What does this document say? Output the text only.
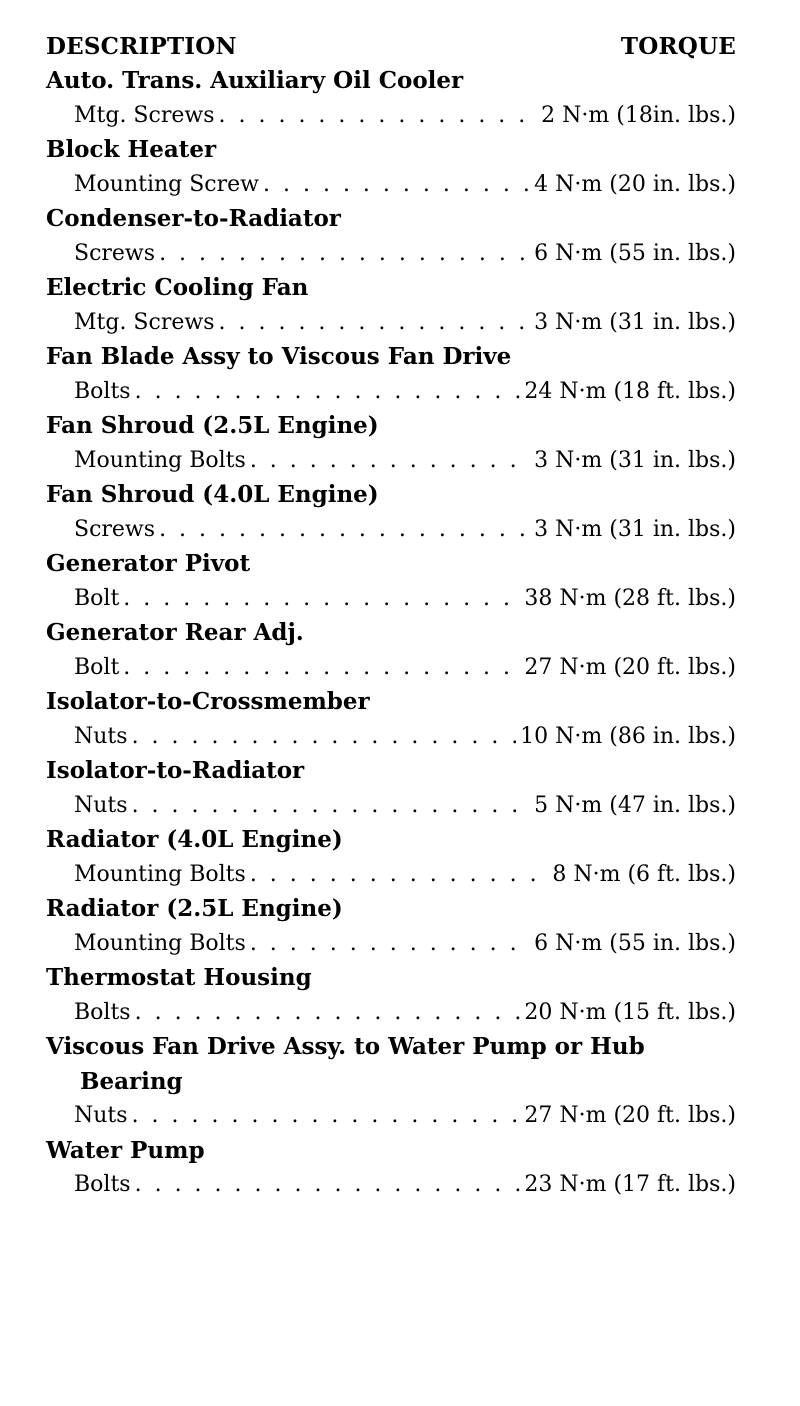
DESCRIPTION	TORQUE
Auto. Trans. Auxiliary Oil Cooler
Mtg. Screws . . .	2 N·m (18in. lbs.)
Block Heater
Mounting Screw . . .	4 N·m (20 in. lbs.)
Condenser-to-Radiator
Screws . . .	6 N·m (55 in. lbs.)
Electric Cooling Fan
Mtg. Screws . . .	3 N·m (31 in. lbs.)
Fan Blade Assy to Viscous Fan Drive
Bolts . . .	24 N·m (18 ft. lbs.)
Fan Shroud (2.5L Engine)
Mounting Bolts . . .	3 N·m (31 in. lbs.)
Fan Shroud (4.0L Engine)
Screws . . .	3 N·m (31 in. lbs.)
Generator Pivot
Bolt . . .	38 N·m (28 ft. lbs.)
Generator Rear Adj.
Bolt . . .	27 N·m (20 ft. lbs.)
Isolator-to-Crossmember
Nuts . . .	10 N·m (86 in. lbs.)
Isolator-to-Radiator
Nuts . . .	5 N·m (47 in. lbs.)
Radiator (4.0L Engine)
Mounting Bolts . . .	8 N·m (6 ft. lbs.)
Radiator (2.5L Engine)
Mounting Bolts . . .	6 N·m (55 in. lbs.)
Thermostat Housing
Bolts . . .	20 N·m (15 ft. lbs.)
Viscous Fan Drive Assy. to Water Pump or Hub
Bearing
Nuts . . .	27 N·m (20 ft. lbs.)
Water Pump
Bolts . . .	23 N·m (17 ft. lbs.)
